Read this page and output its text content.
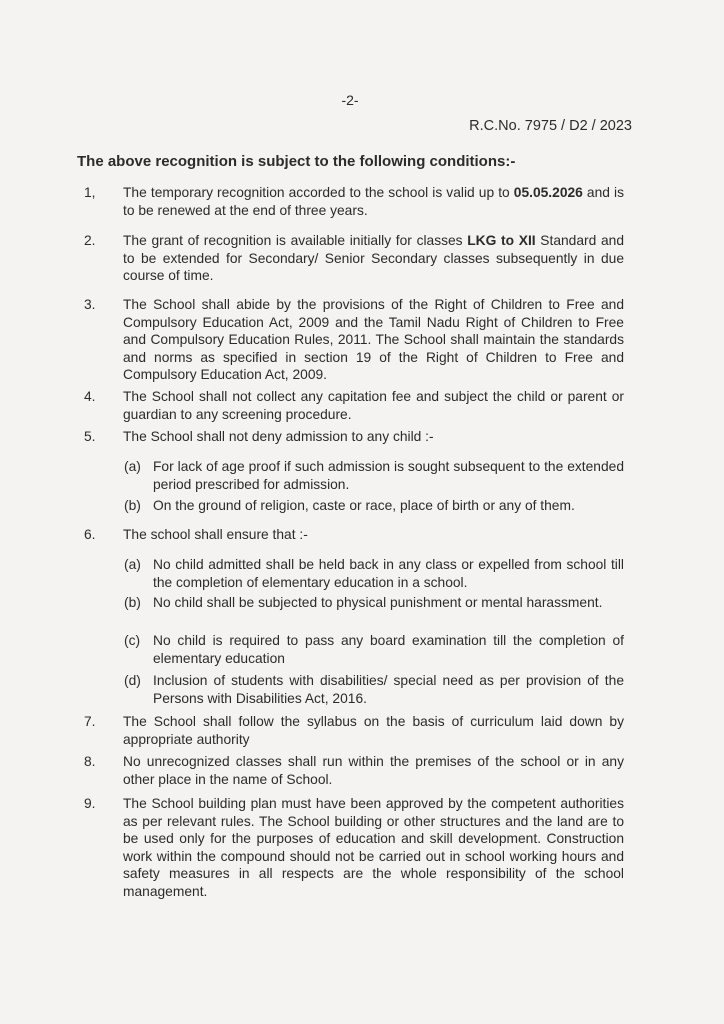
-2-
R.C.No. 7975 / D2 / 2023
The above recognition is subject to the following conditions:-
1,	The temporary recognition accorded to the school is valid up to 05.05.2026 and is to be renewed at the end of three years.
2.	The grant of recognition is available initially for classes LKG to XII Standard and to be extended for Secondary/ Senior Secondary classes subsequently in due course of time.
3.	The School shall abide by the provisions of the Right of Children to Free and Compulsory Education Act, 2009 and the Tamil Nadu Right of Children to Free and Compulsory Education Rules, 2011. The School shall maintain the standards and norms as specified in section 19 of the Right of Children to Free and Compulsory Education Act, 2009.
4.	The School shall not collect any capitation fee and subject the child or parent or guardian to any screening procedure.
5.	The School shall not deny admission to any child :-
(a) For lack of age proof if such admission is sought subsequent to the extended period prescribed for admission.
(b) On the ground of religion, caste or race, place of birth or any of them.
6.	The school shall ensure that :-
(a) No child admitted shall be held back in any class or expelled from school till the completion of elementary education in a school.
(b) No child shall be subjected to physical punishment or mental harassment.
(c) No child is required to pass any board examination till the completion of elementary education
(d) Inclusion of students with disabilities/ special need as per provision of the Persons with Disabilities Act, 2016.
7.	The School shall follow the syllabus on the basis of curriculum laid down by appropriate authority
8.	No unrecognized classes shall run within the premises of the school or in any other place in the name of School.
9.	The School building plan must have been approved by the competent authorities as per relevant rules. The School building or other structures and the land are to be used only for the purposes of education and skill development. Construction work within the compound should not be carried out in school working hours and safety measures in all respects are the whole responsibility of the school management.
